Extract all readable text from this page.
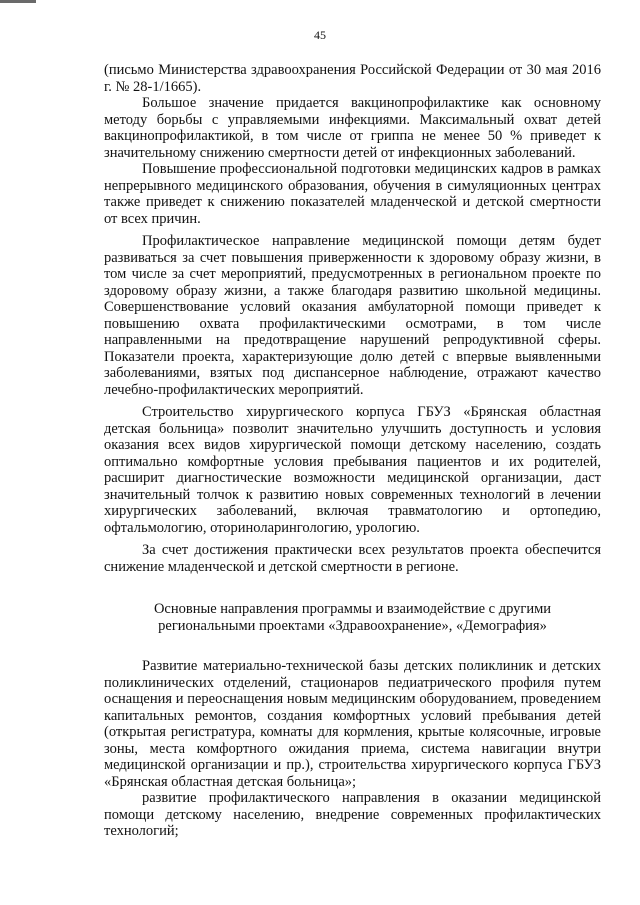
45

(письмо Министерства здравоохранения Российской Федерации от 30 мая 2016 г. № 28-1/1665).

Большое значение придается вакцинопрофилактике как основному методу борьбы с управляемыми инфекциями. Максимальный охват детей вакцинопрофилактикой, в том числе от гриппа не менее 50 % приведет к значительному снижению смертности детей от инфекционных заболеваний.

Повышение профессиональной подготовки медицинских кадров в рамках непрерывного медицинского образования, обучения в симуляционных центрах также приведет к снижению показателей младенческой и детской смертности от всех причин.

Профилактическое направление медицинской помощи детям будет развиваться за счет повышения приверженности к здоровому образу жизни, в том числе за счет мероприятий, предусмотренных в региональном проекте по здоровому образу жизни, а также благодаря развитию школьной медицины. Совершенствование условий оказания амбулаторной помощи приведет к повышению охвата профилактическими осмотрами, в том числе направленными на предотвращение нарушений репродуктивной сферы. Показатели проекта, характеризующие долю детей с впервые выявленными заболеваниями, взятых под диспансерное наблюдение, отражают качество лечебно-профилактических мероприятий.

Строительство хирургического корпуса ГБУЗ «Брянская областная детская больница» позволит значительно улучшить доступность и условия оказания всех видов хирургической помощи детскому населению, создать оптимально комфортные условия пребывания пациентов и их родителей, расширит диагностические возможности медицинской организации, даст значительный толчок к развитию новых современных технологий в лечении хирургических заболеваний, включая травматологию и ортопедию, офтальмологию, оториноларингологию, урологию.

За счет достижения практически всех результатов проекта обеспечится снижение младенческой и детской смертности в регионе.

Основные направления программы и взаимодействие с другими региональными проектами «Здравоохранение», «Демография»

Развитие материально-технической базы детских поликлиник и детских поликлинических отделений, стационаров педиатрического профиля путем оснащения и переоснащения новым медицинским оборудованием, проведением капитальных ремонтов, создания комфортных условий пребывания детей (открытая регистратура, комнаты для кормления, крытые колясочные, игровые зоны, места комфортного ожидания приема, система навигации внутри медицинской организации и пр.), строительства хирургического корпуса ГБУЗ «Брянская областная детская больница»;

развитие профилактического направления в оказании медицинской помощи детскому населению, внедрение современных профилактических технологий;
